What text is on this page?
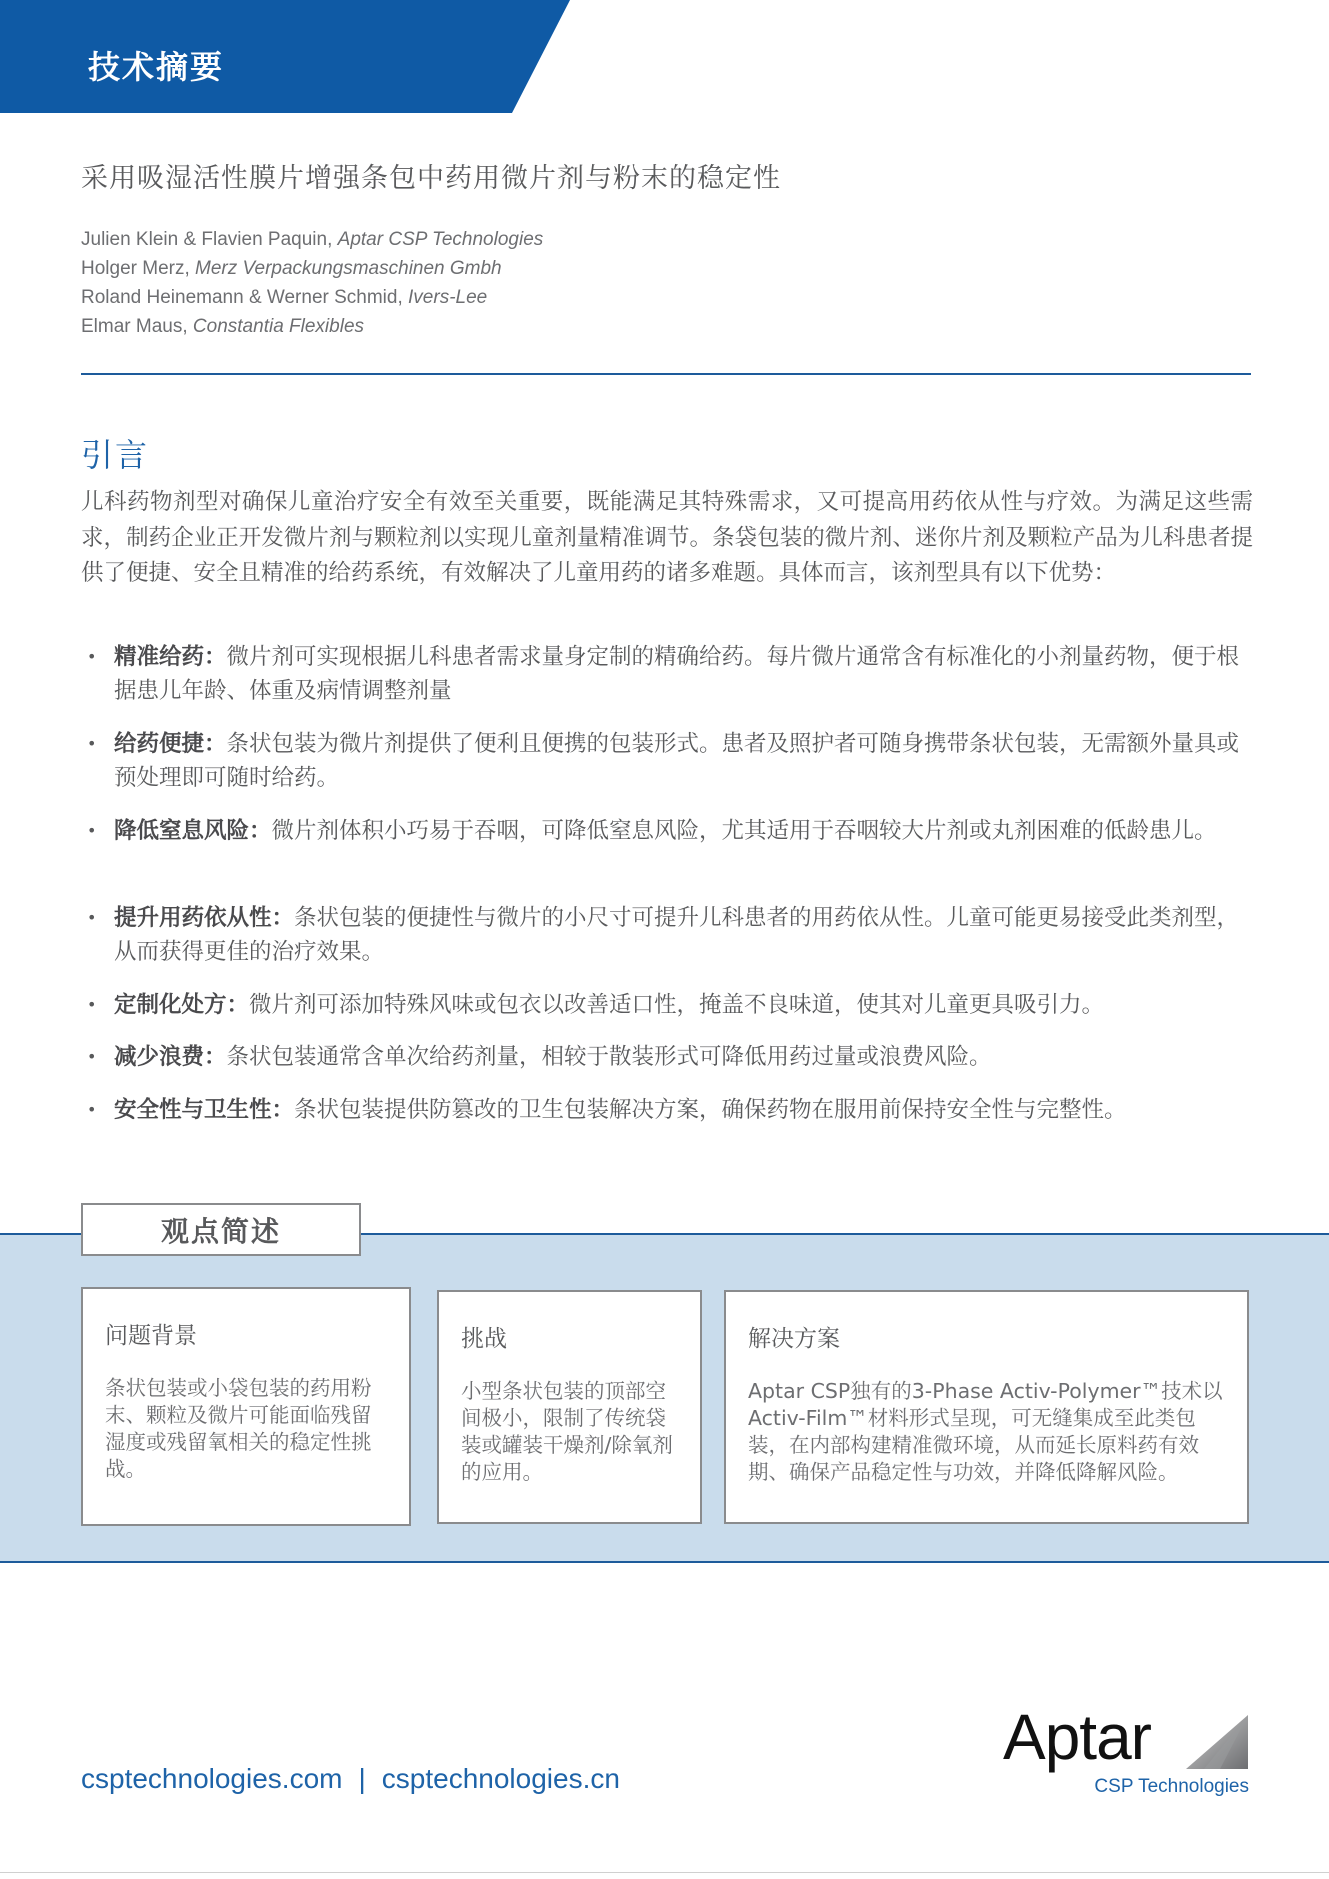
技术摘要
采用吸湿活性膜片增强条包中药用微片剂与粉末的稳定性
Julien Klein & Flavien Paquin, Aptar CSP Technologies
Holger Merz, Merz Verpackungsmaschinen Gmbh
Roland Heinemann & Werner Schmid, Ivers-Lee
Elmar Maus, Constantia Flexibles
引言

儿科药物剂型对确保儿童治疗安全有效至关重要，既能满足其特殊需求，又可提高用药依从性与疗效。为满足这些需求，制药企业正开发微片剂与颗粒剂以实现儿童剂量精准调节。条袋包装的微片剂、迷你片剂及颗粒产品为儿科患者提供了便捷、安全且精准的给药系统，有效解决了儿童用药的诸多难题。具体而言，该剂型具有以下优势：

• 精准给药：微片剂可实现根据儿科患者需求量身定制的精确给药。每片微片通常含有标准化的小剂量药物，便于根据患儿年龄、体重及病情调整剂量
• 给药便捷：条状包装为微片剂提供了便利且便携的包装形式。患者及照护者可随身携带条状包装，无需额外量具或预处理即可随时给药。
• 降低窒息风险：微片剂体积小巧易于吞咽，可降低窒息风险，尤其适用于吞咽较大片剂或丸剂困难的低龄患儿。
• 提升用药依从性：条状包装的便捷性与微片的小尺寸可提升儿科患者的用药依从性。儿童可能更易接受此类剂型，从而获得更佳的治疗效果。
• 定制化处方：微片剂可添加特殊风味或包衣以改善适口性，掩盖不良味道，使其对儿童更具吸引力。
• 减少浪费：条状包装通常含单次给药剂量，相较于散装形式可降低用药过量或浪费风险。
• 安全性与卫生性：条状包装提供防篡改的卫生包装解决方案，确保药物在服用前保持安全性与完整性。
观点简述
问题背景

条状包装或小袋包装的药用粉末、颗粒及微片可能面临残留湿度或残留氧相关的稳定性挑战。

挑战

小型条状包装的顶部空间极小，限制了传统袋装或罐装干燥剂/除氧剂的应用。

解决方案

Aptar CSP独有的3-Phase Activ-Polymer™技术以Activ-Film™材料形式呈现，可无缝集成至此类包装，在内部构建精准微环境，从而延长原料药有效期、确保产品稳定性与功效，并降低降解风险。

csptechnologies.com | csptechnologies.cn
Aptar
CSP Technologies
